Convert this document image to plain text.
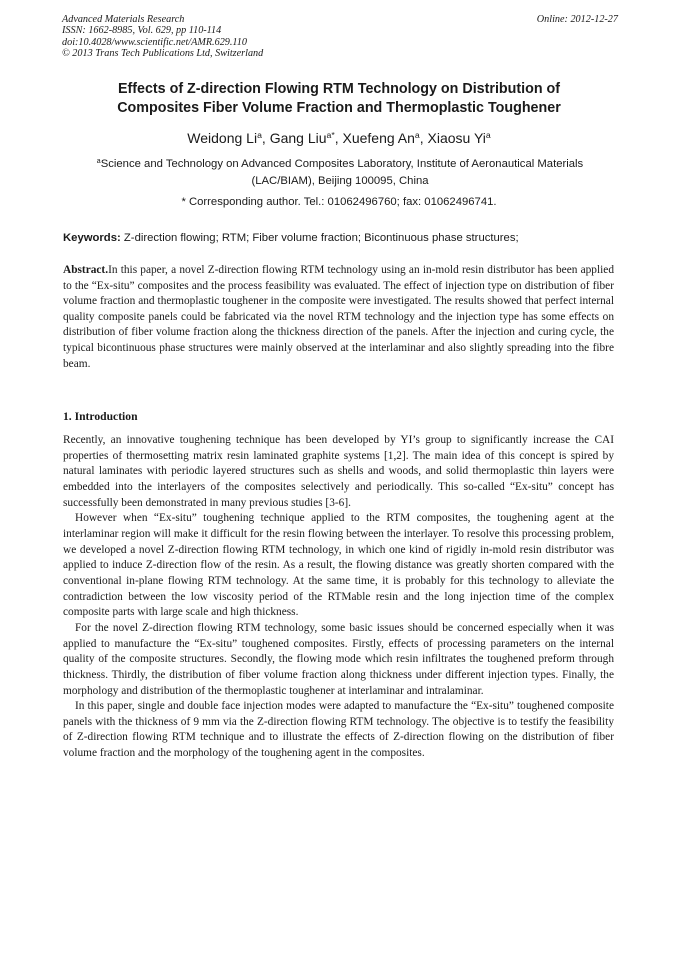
Advanced Materials Research
ISSN: 1662-8985, Vol. 629, pp 110-114
doi:10.4028/www.scientific.net/AMR.629.110
© 2013 Trans Tech Publications Ltd, Switzerland
Online: 2012-12-27
Effects of Z-direction Flowing RTM Technology on Distribution of
Composites Fiber Volume Fraction and Thermoplastic Toughener
Weidong Li$^a$, Gang Liu$^{a*}$, Xuefeng An$^a$, Xiaosu Yi$^a$
$^a$Science and Technology on Advanced Composites Laboratory, Institute of Aeronautical Materials
(LAC/BIAM), Beijing 100095, China
* Corresponding author. Tel.: 01062496760; fax: 01062496741.
Keywords: Z-direction flowing; RTM; Fiber volume fraction; Bicontinuous phase structures;
Abstract.In this paper, a novel Z-direction flowing RTM technology using an in-mold resin distributor has been applied to the “Ex-situ” composites and the process feasibility was evaluated. The effect of injection type on distribution of fiber volume fraction and thermoplastic toughener in the composite were investigated. The results showed that perfect internal quality composite panels could be fabricated via the novel RTM technology and the injection type has some effects on distribution of fiber volume fraction along the thickness direction of the panels. After the injection and curing cycle, the typical bicontinuous phase structures were mainly observed at the interlaminar and also slightly spreading into the fibre beam.
1. Introduction

Recently, an innovative toughening technique has been developed by YI’s group to significantly increase the CAI properties of thermosetting matrix resin laminated graphite systems [1,2]. The main idea of this concept is spired by natural laminates with periodic layered structures such as shells and woods, and solid thermoplastic thin layers were embedded into the interlayers of the composites selectively and periodically. This so-called “Ex-situ” concept has successfully been demonstrated in many previous studies [3-6].

However when “Ex-situ” toughening technique applied to the RTM composites, the toughening agent at the interlaminar region will make it difficult for the resin flowing between the interlayer. To resolve this processing problem, we developed a novel Z-direction flowing RTM technology, in which one kind of rigidly in-mold resin distributor was applied to induce Z-direction flow of the resin. As a result, the flowing distance was greatly shorten compared with the conventional in-plane flowing RTM technology. At the same time, it is probably for this technology to alleviate the contradiction between the low viscosity period of the RTMable resin and the long injection time of the complex composite parts with large scale and high thickness.

For the novel Z-direction flowing RTM technology, some basic issues should be concerned especially when it was applied to manufacture the “Ex-situ” toughened composites. Firstly, effects of processing parameters on the internal quality of the composite structures. Secondly, the flowing mode which resin infiltrates the toughened preform through thickness. Thirdly, the distribution of fiber volume fraction along thickness under different injection types. Finally, the morphology and distribution of the thermoplastic toughener at interlaminar and intralaminar.

In this paper, single and double face injection modes were adapted to manufacture the “Ex-situ” toughened composite panels with the thickness of 9 mm via the Z-direction flowing RTM technology. The objective is to testify the feasibility of Z-direction flowing RTM technique and to illustrate the effects of Z-direction flowing on the distribution of fiber volume fraction and the morphology of the toughening agent in the composites.
